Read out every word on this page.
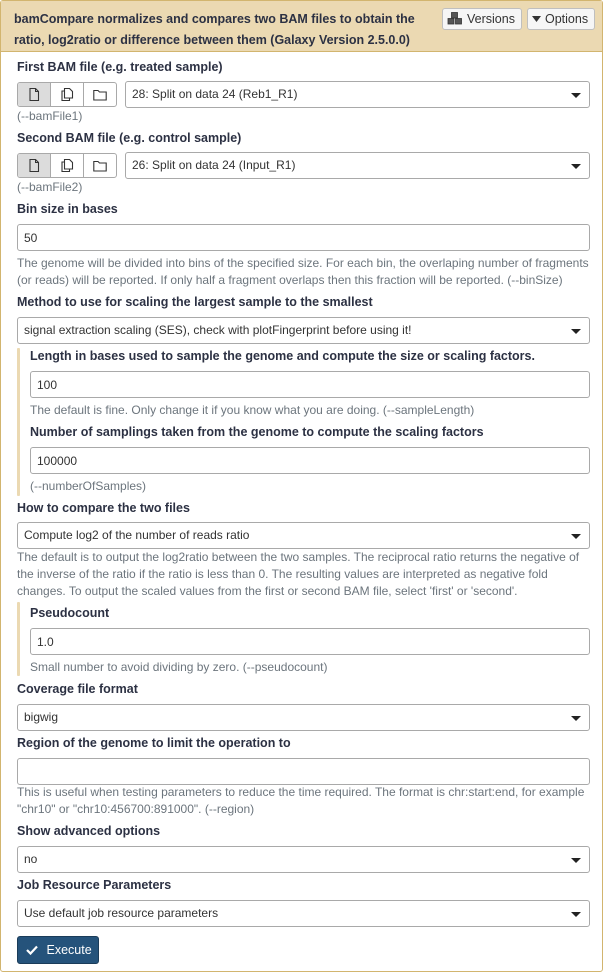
bamCompare normalizes and compares two BAM files to obtain the ratio, log2ratio or difference between them (Galaxy Version 2.5.0.0)
Versions	Options
First BAM file (e.g. treated sample)
28: Split on data 24 (Reb1_R1)
(--bamFile1)
Second BAM file (e.g. control sample)
26: Split on data 24 (Input_R1)
(--bamFile2)
Bin size in bases
50
The genome will be divided into bins of the specified size. For each bin, the overlaping number of fragments (or reads) will be reported. If only half a fragment overlaps then this fraction will be reported. (--binSize)
Method to use for scaling the largest sample to the smallest
signal extraction scaling (SES), check with plotFingerprint before using it!
Length in bases used to sample the genome and compute the size or scaling factors.
100
The default is fine. Only change it if you know what you are doing. (--sampleLength)
Number of samplings taken from the genome to compute the scaling factors
100000
(--numberOfSamples)
How to compare the two files
Compute log2 of the number of reads ratio
The default is to output the log2ratio between the two samples. The reciprocal ratio returns the negative of the inverse of the ratio if the ratio is less than 0. The resulting values are interpreted as negative fold changes. To output the scaled values from the first or second BAM file, select 'first' or 'second'.
Pseudocount
1.0
Small number to avoid dividing by zero. (--pseudocount)
Coverage file format
bigwig
Region of the genome to limit the operation to
This is useful when testing parameters to reduce the time required. The format is chr:start:end, for example "chr10" or "chr10:456700:891000". (--region)
Show advanced options
no
Job Resource Parameters
Use default job resource parameters
Execute
